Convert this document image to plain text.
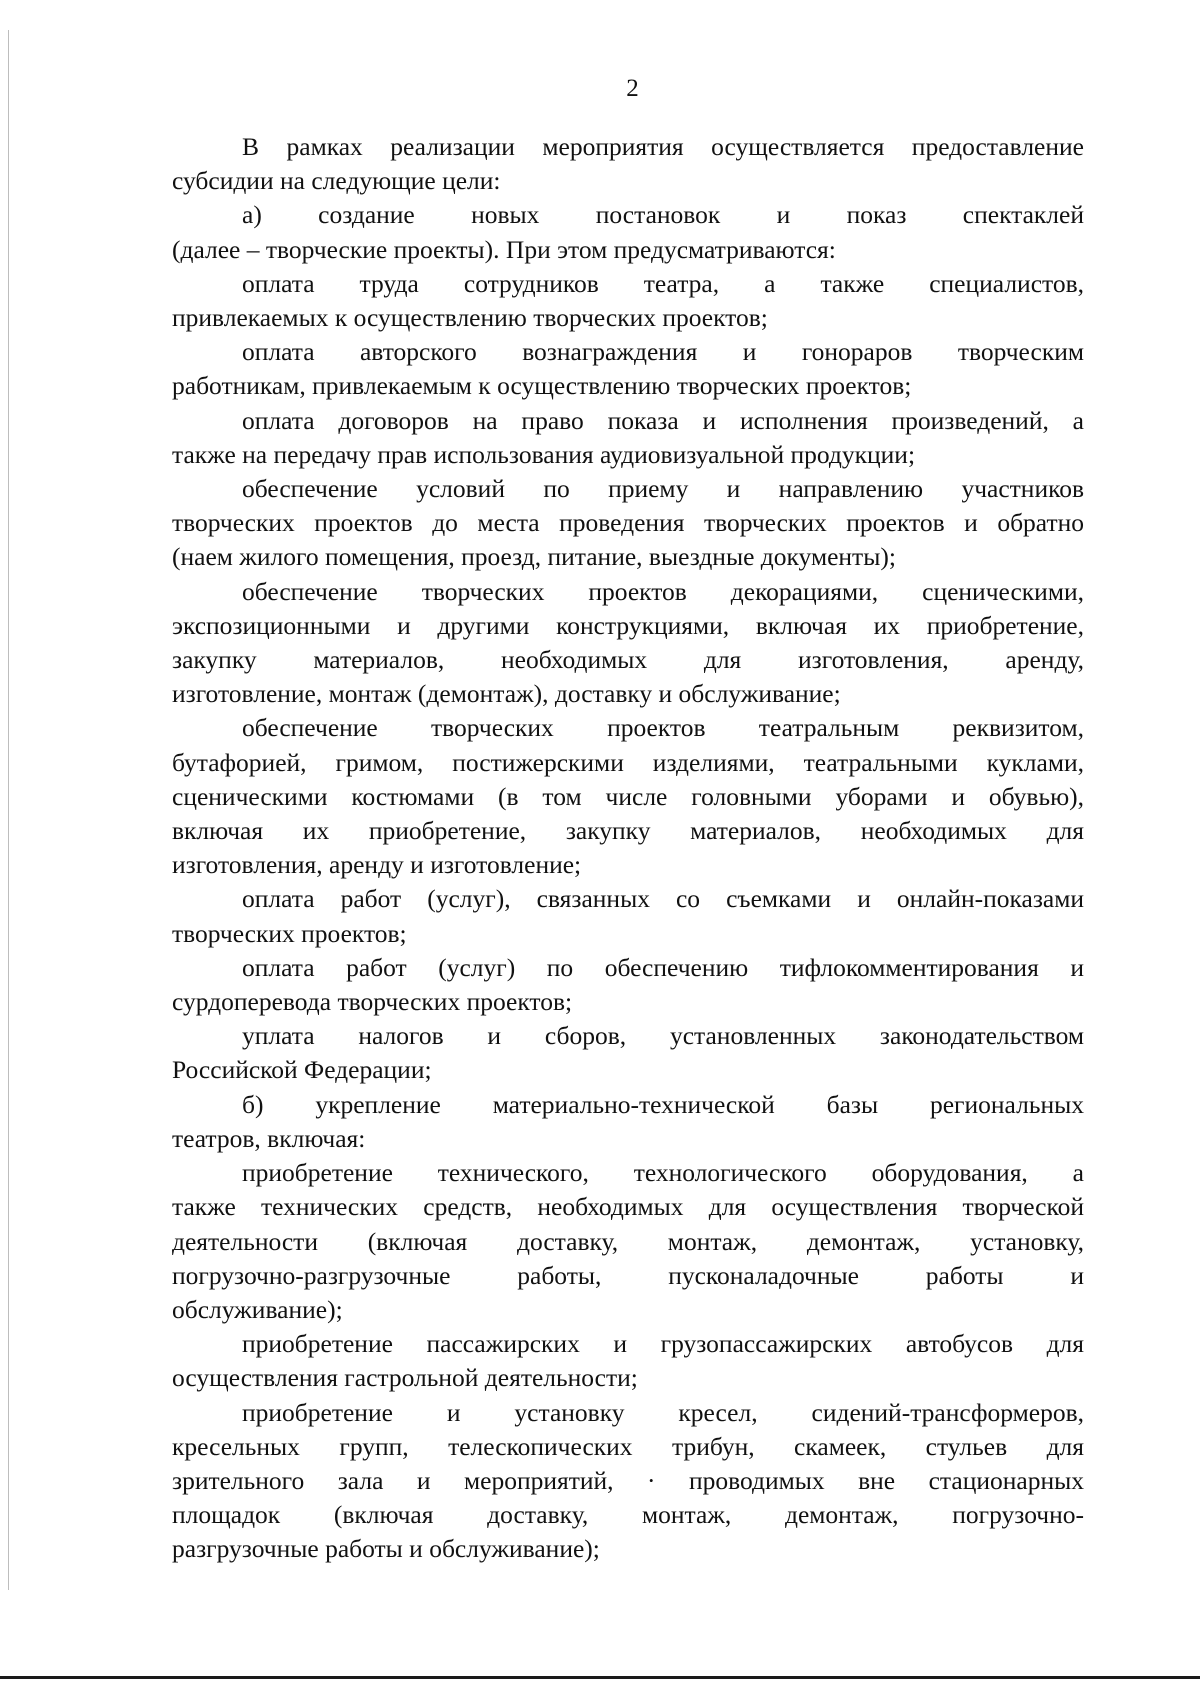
2
В рамках реализации мероприятия осуществляется предоставление
субсидии на следующие цели:
а) создание новых постановок и показ спектаклей
(далее – творческие проекты). При этом предусматриваются:
оплата труда сотрудников театра, а также специалистов,
привлекаемых к осуществлению творческих проектов;
оплата авторского вознаграждения и гонораров творческим
работникам, привлекаемым к осуществлению творческих проектов;
оплата договоров на право показа и исполнения произведений, а
также на передачу прав использования аудиовизуальной продукции;
обеспечение условий по приему и направлению участников
творческих проектов до места проведения творческих проектов и обратно
(наем жилого помещения, проезд, питание, выездные документы);
обеспечение творческих проектов декорациями, сценическими,
экспозиционными и другими конструкциями, включая их приобретение,
закупку материалов, необходимых для изготовления, аренду,
изготовление, монтаж (демонтаж), доставку и обслуживание;
обеспечение творческих проектов театральным реквизитом,
бутафорией, гримом, постижерскими изделиями, театральными куклами,
сценическими костюмами (в том числе головными уборами и обувью),
включая их приобретение, закупку материалов, необходимых для
изготовления, аренду и изготовление;
оплата работ (услуг), связанных со съемками и онлайн-показами
творческих проектов;
оплата работ (услуг) по обеспечению тифлокомментирования и
сурдоперевода творческих проектов;
уплата налогов и сборов, установленных законодательством
Российской Федерации;
б) укрепление материально-технической базы региональных
театров, включая:
приобретение технического, технологического оборудования, а
также технических средств, необходимых для осуществления творческой
деятельности (включая доставку, монтаж, демонтаж, установку,
погрузочно-разгрузочные работы, пусконаладочные работы и
обслуживание);
приобретение пассажирских и грузопассажирских автобусов для
осуществления гастрольной деятельности;
приобретение и установку кресел, сидений-трансформеров,
кресельных групп, телескопических трибун, скамеек, стульев для
зрительного зала и мероприятий, · проводимых вне стационарных
площадок (включая доставку, монтаж, демонтаж, погрузочно-
разгрузочные работы и обслуживание);
